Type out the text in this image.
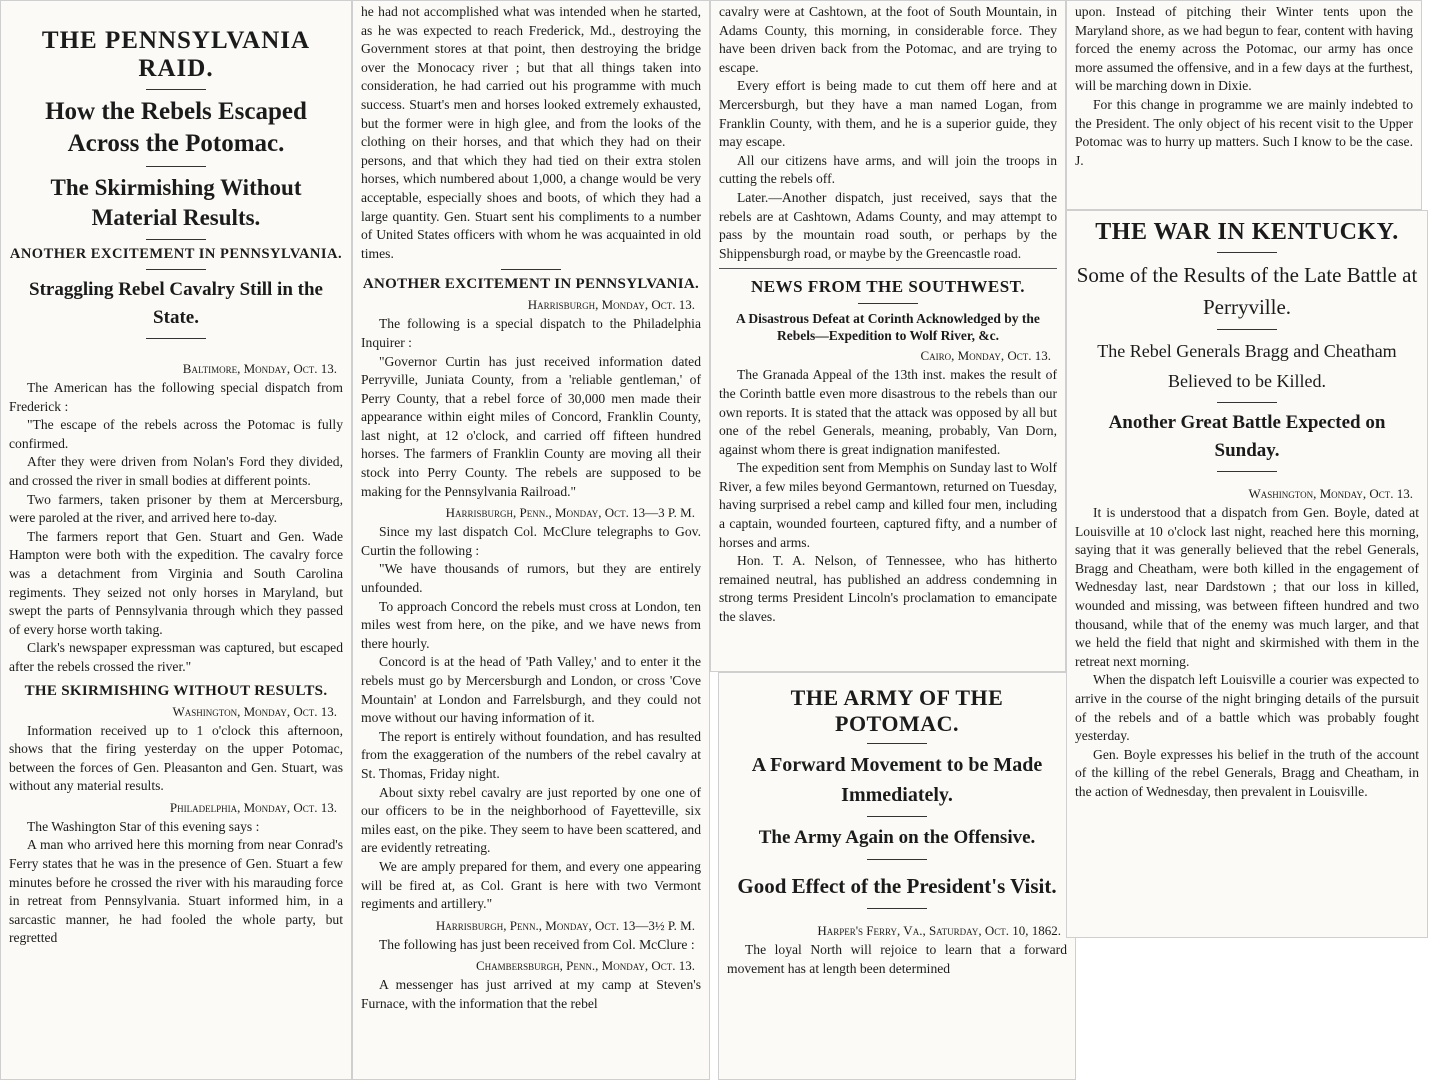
THE PENNSYLVANIA RAID.
How the Rebels Escaped Across the Potomac.
The Skirmishing Without Material Results.
ANOTHER EXCITEMENT IN PENNSYLVANIA.
Straggling Rebel Cavalry Still in the State.
Baltimore, Monday, Oct. 13.

The American has the following special dispatch from Frederick :

"The escape of the rebels across the Potomac is fully confirmed.

After they were driven from Nolan's Ford they divided, and crossed the river in small bodies at different points.

Two farmers, taken prisoner by them at Mercersburg, were paroled at the river, and arrived here to-day.

The farmers report that Gen. Stuart and Gen. Wade Hampton were both with the expedition. The cavalry force was a detachment from Virginia and South Carolina regiments. They seized not only horses in Maryland, but swept the parts of Pennsylvania through which they passed of every horse worth taking.

Clark's newspaper expressman was captured, but escaped after the rebels crossed the river."

THE SKIRMISHING WITHOUT RESULTS.
Washington, Monday, Oct. 13.

Information received up to 1 o'clock this afternoon, shows that the firing yesterday on the upper Potomac, between the forces of Gen. Pleasanton and Gen. Stuart, was without any material results.

Philadelphia, Monday, Oct. 13.

The Washington Star of this evening says :

A man who arrived here this morning from near Conrad's Ferry states that he was in the presence of Gen. Stuart a few minutes before he crossed the river with his marauding force in retreat from Pennsylvania. Stuart informed him, in a sarcastic manner, he had fooled the whole party, but regretted

he had not accomplished what was intended when he started, as he was expected to reach Frederick, Md., destroying the Government stores at that point, then destroying the bridge over the Monocacy river ; but that all things taken into consideration, he had carried out his programme with much success. Stuart's men and horses looked extremely exhausted, but the former were in high glee, and from the looks of the clothing on their horses, and that which they had on their persons, and that which they had tied on their extra stolen horses, which numbered about 1,000, a change would be very acceptable, especially shoes and boots, of which they had a large quantity. Gen. Stuart sent his compliments to a number of United States officers with whom he was acquainted in old times.

ANOTHER EXCITEMENT IN PENNSYLVANIA.
Harrisburgh, Monday, Oct. 13.

The following is a special dispatch to the Philadelphia Inquirer :

"Governor Curtin has just received information dated Perryville, Juniata County, from a 'reliable gentleman,' of Perry County, that a rebel force of 30,000 men made their appearance within eight miles of Concord, Franklin County, last night, at 12 o'clock, and carried off fifteen hundred horses. The farmers of Franklin County are moving all their stock into Perry County. The rebels are supposed to be making for the Pennsylvania Railroad."

Harrisburgh, Penn., Monday, Oct. 13—3 P. M.

Since my last dispatch Col. McClure telegraphs to Gov. Curtin the following :

"We have thousands of rumors, but they are entirely unfounded.

To approach Concord the rebels must cross at London, ten miles west from here, on the pike, and we have news from there hourly.

Concord is at the head of 'Path Valley,' and to enter it the rebels must go by Mercersburgh and London, or cross 'Cove Mountain' at London and Farrelsburgh, and they could not move without our having information of it.

The report is entirely without foundation, and has resulted from the exaggeration of the numbers of the rebel cavalry at St. Thomas, Friday night.

About sixty rebel cavalry are just reported by one one of our officers to be in the neighborhood of Fayetteville, six miles east, on the pike. They seem to have been scattered, and are evidently retreating.

We are amply prepared for them, and every one appearing will be fired at, as Col. Grant is here with two Vermont regiments and artillery."

Harrisburgh, Penn., Monday, Oct. 13—3½ P. M.

The following has just been received from Col. McClure :

Chambersburgh, Penn., Monday, Oct. 13.

A messenger has just arrived at my camp at Steven's Furnace, with the information that the rebel

cavalry were at Cashtown, at the foot of South Mountain, in Adams County, this morning, in considerable force. They have been driven back from the Potomac, and are trying to escape.

Every effort is being made to cut them off here and at Mercersburgh, but they have a man named Logan, from Franklin County, with them, and he is a superior guide, they may escape.

All our citizens have arms, and will join the troops in cutting the rebels off.

Later.—Another dispatch, just received, says that the rebels are at Cashtown, Adams County, and may attempt to pass by the mountain road south, or perhaps by the Shippensburgh road, or maybe by the Greencastle road.

NEWS FROM THE SOUTHWEST.
A Disastrous Defeat at Corinth Acknowledged by the Rebels—Expedition to Wolf River, &c.
Cairo, Monday, Oct. 13.

The Granada Appeal of the 13th inst. makes the result of the Corinth battle even more disastrous to the rebels than our own reports. It is stated that the attack was opposed by all but one of the rebel Generals, meaning, probably, Van Dorn, against whom there is great indignation manifested.

The expedition sent from Memphis on Sunday last to Wolf River, a few miles beyond Germantown, returned on Tuesday, having surprised a rebel camp and killed four men, including a captain, wounded fourteen, captured fifty, and a number of horses and arms.

Hon. T. A. Nelson, of Tennessee, who has hitherto remained neutral, has published an address condemning in strong terms President Lincoln's proclamation to emancipate the slaves.

THE ARMY OF THE POTOMAC.
A Forward Movement to be Made Immediately.
The Army Again on the Offensive.
Good Effect of the President's Visit.
Harper's Ferry, Va., Saturday, Oct. 10, 1862.

The loyal North will rejoice to learn that a forward movement has at length been determined

upon. Instead of pitching their Winter tents upon the Maryland shore, as we had begun to fear, content with having forced the enemy across the Potomac, our army has once more assumed the offensive, and in a few days at the furthest, will be marching down in Dixie.

For this change in programme we are mainly indebted to the President. The only object of his recent visit to the Upper Potomac was to hurry up matters. Such I know to be the case. J.

THE WAR IN KENTUCKY.
Some of the Results of the Late Battle at Perryville.
The Rebel Generals Bragg and Cheatham Believed to be Killed.
Another Great Battle Expected on Sunday.
Washington, Monday, Oct. 13.

It is understood that a dispatch from Gen. Boyle, dated at Louisville at 10 o'clock last night, reached here this morning, saying that it was generally believed that the rebel Generals, Bragg and Cheatham, were both killed in the engagement of Wednesday last, near Dardstown ; that our loss in killed, wounded and missing, was between fifteen hundred and two thousand, while that of the enemy was much larger, and that we held the field that night and skirmished with them in the retreat next morning.

When the dispatch left Louisville a courier was expected to arrive in the course of the night bringing details of the pursuit of the rebels and of a battle which was probably fought yesterday.

Gen. Boyle expresses his belief in the truth of the account of the killing of the rebel Generals, Bragg and Cheatham, in the action of Wednesday, then prevalent in Louisville.
